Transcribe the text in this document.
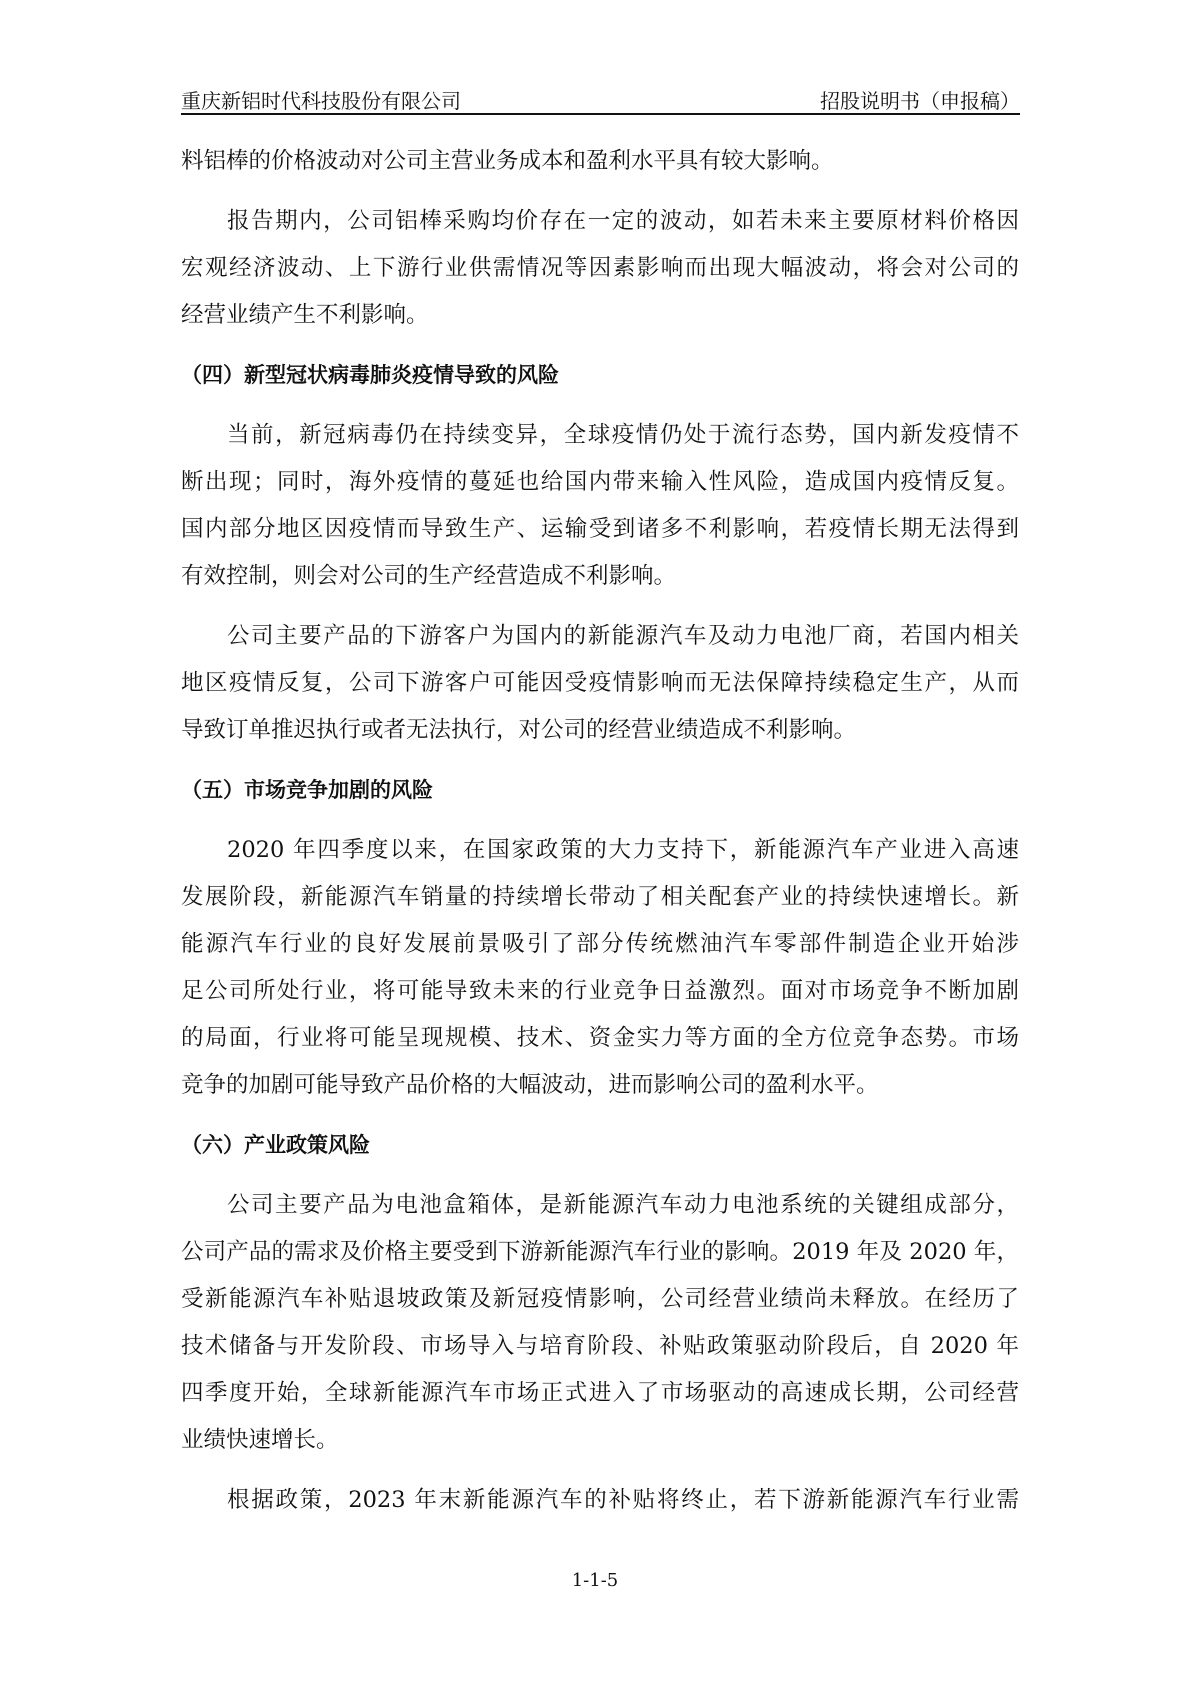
重庆新铝时代科技股份有限公司	招股说明书（申报稿）
料铝棒的价格波动对公司主营业务成本和盈利水平具有较大影响。
报告期内，公司铝棒采购均价存在一定的波动，如若未来主要原材料价格因
宏观经济波动、上下游行业供需情况等因素影响而出现大幅波动，将会对公司的
经营业绩产生不利影响。
（四）新型冠状病毒肺炎疫情导致的风险
当前，新冠病毒仍在持续变异，全球疫情仍处于流行态势，国内新发疫情不
断出现；同时，海外疫情的蔓延也给国内带来输入性风险，造成国内疫情反复。
国内部分地区因疫情而导致生产、运输受到诸多不利影响，若疫情长期无法得到
有效控制，则会对公司的生产经营造成不利影响。
公司主要产品的下游客户为国内的新能源汽车及动力电池厂商，若国内相关
地区疫情反复，公司下游客户可能因受疫情影响而无法保障持续稳定生产，从而
导致订单推迟执行或者无法执行，对公司的经营业绩造成不利影响。
（五）市场竞争加剧的风险
2020 年四季度以来，在国家政策的大力支持下，新能源汽车产业进入高速
发展阶段，新能源汽车销量的持续增长带动了相关配套产业的持续快速增长。新
能源汽车行业的良好发展前景吸引了部分传统燃油汽车零部件制造企业开始涉
足公司所处行业，将可能导致未来的行业竞争日益激烈。面对市场竞争不断加剧
的局面，行业将可能呈现规模、技术、资金实力等方面的全方位竞争态势。市场
竞争的加剧可能导致产品价格的大幅波动，进而影响公司的盈利水平。
（六）产业政策风险
公司主要产品为电池盒箱体，是新能源汽车动力电池系统的关键组成部分，
公司产品的需求及价格主要受到下游新能源汽车行业的影响。2019 年及 2020 年，
受新能源汽车补贴退坡政策及新冠疫情影响，公司经营业绩尚未释放。在经历了
技术储备与开发阶段、市场导入与培育阶段、补贴政策驱动阶段后，自 2020 年
四季度开始，全球新能源汽车市场正式进入了市场驱动的高速成长期，公司经营
业绩快速增长。
根据政策，2023 年末新能源汽车的补贴将终止，若下游新能源汽车行业需
1-1-5
